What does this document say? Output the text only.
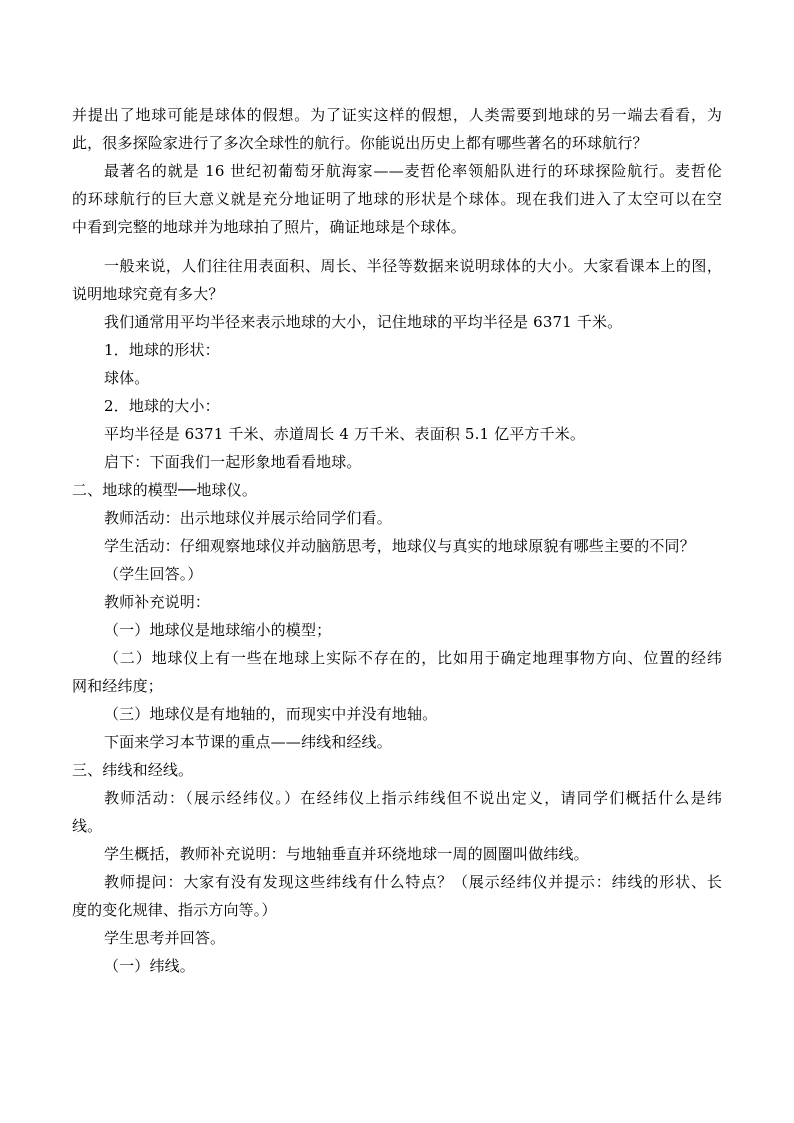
并提出了地球可能是球体的假想。为了证实这样的假想，人类需要到地球的另一端去看看，为
此，很多探险家进行了多次全球性的航行。你能说出历史上都有哪些著名的环球航行？
最著名的就是 16 世纪初葡萄牙航海家——麦哲伦率领船队进行的环球探险航行。麦哲伦
的环球航行的巨大意义就是充分地证明了地球的形状是个球体。现在我们进入了太空可以在空
中看到完整的地球并为地球拍了照片，确证地球是个球体。
一般来说，人们往往用表面积、周长、半径等数据来说明球体的大小。大家看课本上的图，
说明地球究竟有多大？
我们通常用平均半径来表示地球的大小，记住地球的平均半径是 6371 千米。
1．地球的形状：
球体。
2．地球的大小：
平均半径是 6371 千米、赤道周长 4 万千米、表面积 5.1 亿平方千米。
启下：下面我们一起形象地看看地球。
二、地球的模型──地球仪。
教师活动：出示地球仪并展示给同学们看。
学生活动：仔细观察地球仪并动脑筋思考，地球仪与真实的地球原貌有哪些主要的不同？
（学生回答。）
教师补充说明：
（一）地球仪是地球缩小的模型；
（二）地球仪上有一些在地球上实际不存在的，比如用于确定地理事物方向、位置的经纬
网和经纬度；
（三）地球仪是有地轴的，而现实中并没有地轴。
下面来学习本节课的重点——纬线和经线。
三、纬线和经线。
教师活动：（展示经纬仪。）在经纬仪上指示纬线但不说出定义，请同学们概括什么是纬
线。
学生概括，教师补充说明：与地轴垂直并环绕地球一周的圆圈叫做纬线。
教师提问：大家有没有发现这些纬线有什么特点？（展示经纬仪并提示：纬线的形状、长
度的变化规律、指示方向等。）
学生思考并回答。
（一）纬线。
